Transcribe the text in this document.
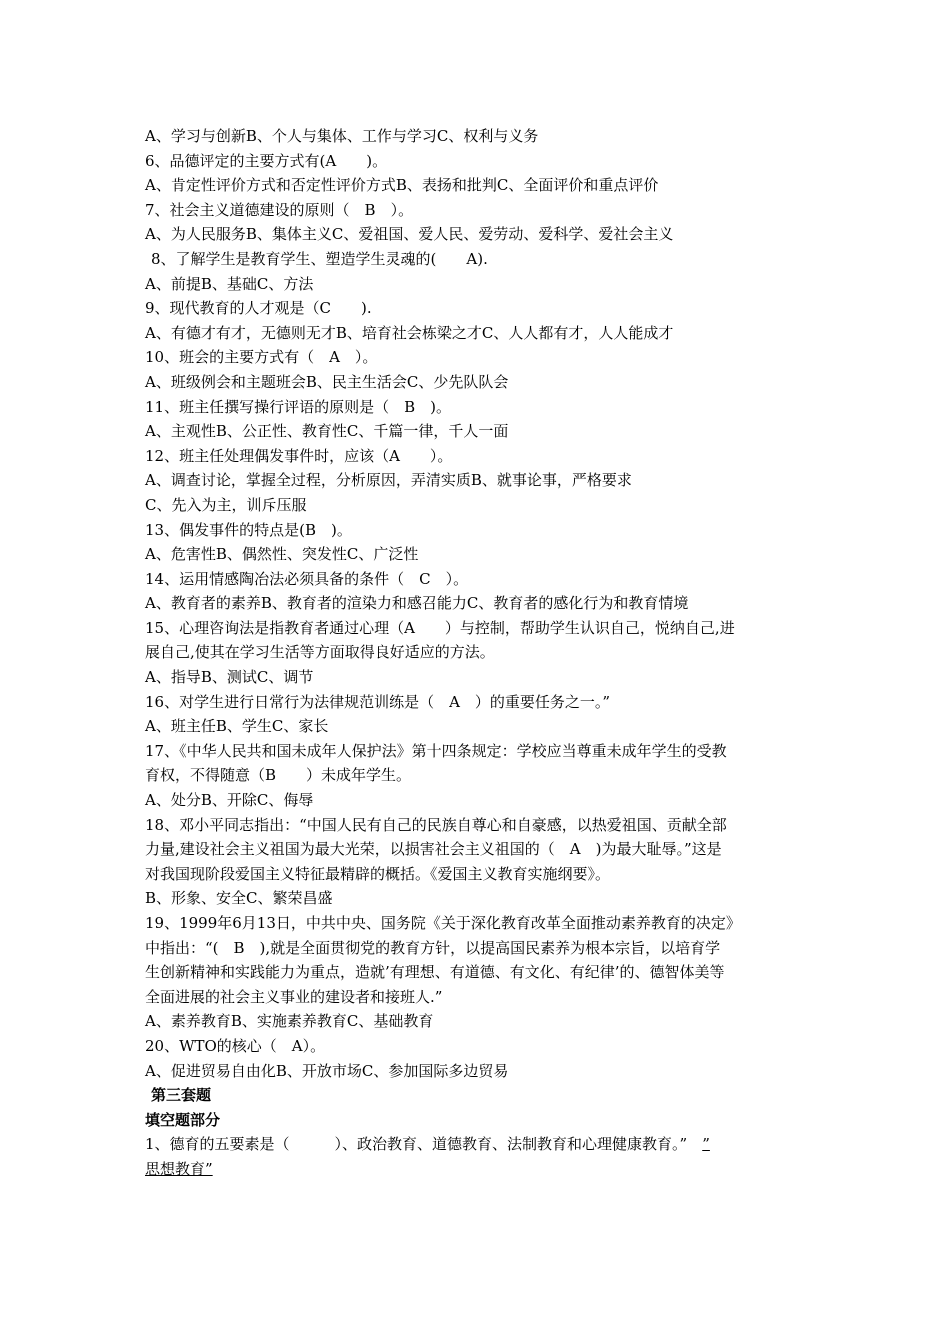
A、学习与创新B、个人与集体、工作与学习C、权利与义务

6、品德评定的主要方式有(A　　)。

A、肯定性评价方式和否定性评价方式B、表扬和批判C、全面评价和重点评价

7、社会主义道德建设的原则（　B　）。

A、为人民服务B、集体主义C、爱祖国、爱人民、爱劳动、爱科学、爱社会主义

8、了解学生是教育学生、塑造学生灵魂的(　　A).

A、前提B、基础C、方法

9、现代教育的人才观是（C　　).

A、有德才有才，无德则无才B、培育社会栋梁之才C、人人都有才，人人能成才

10、班会的主要方式有（　A　）。

A、班级例会和主题班会B、民主生活会C、少先队队会

11、班主任撰写操行评语的原则是（　B　)。

A、主观性B、公正性、教育性C、千篇一律，千人一面

12、班主任处理偶发事件时，应该（A　　）。

A、调查讨论，掌握全过程，分析原因，弄清实质B、就事论事，严格要求

C、先入为主，训斥压服

13、偶发事件的特点是(B　)。

A、危害性B、偶然性、突发性C、广泛性

14、运用情感陶冶法必须具备的条件（　C　）。

A、教育者的素养B、教育者的渲染力和感召能力C、教育者的感化行为和教育情境

15、心理咨询法是指教育者通过心理（A　　）与控制，帮助学生认识自己，悦纳自己,进

展自己,使其在学习生活等方面取得良好适应的方法。

A、指导B、测试C、调节

16、对学生进行日常行为法律规范训练是（　A　）的重要任务之一。”

A、班主任B、学生C、家长

17、《中华人民共和国未成年人保护法》第十四条规定：学校应当尊重未成年学生的受教

育权，不得随意（B　　）未成年学生。

A、处分B、开除C、侮辱

18、邓小平同志指出：“中国人民有自己的民族自尊心和自豪感，以热爱祖国、贡献全部

力量,建设社会主义祖国为最大光荣，以损害社会主义祖国的（　A　)为最大耻辱。”这是

对我国现阶段爱国主义特征最精辟的概括。《爱国主义教育实施纲要》。

B、形象、安全C、繁荣昌盛

19、1999年6月13日，中共中央、国务院《关于深化教育改革全面推动素养教育的决定》

中指出：“(　B　),就是全面贯彻党的教育方针，以提高国民素养为根本宗旨，以培育学

生创新精神和实践能力为重点，造就’有理想、有道德、有文化、有纪律’的、德智体美等

全面进展的社会主义事业的建设者和接班人.”

A、素养教育B、实施素养教育C、基础教育

20、WTO的核心（　A）。

A、促进贸易自由化B、开放市场C、参加国际多边贸易

第三套题

填空题部分

1、德育的五要素是（　　　）、政治教育、道德教育、法制教育和心理健康教育。”　”

思想教育”
